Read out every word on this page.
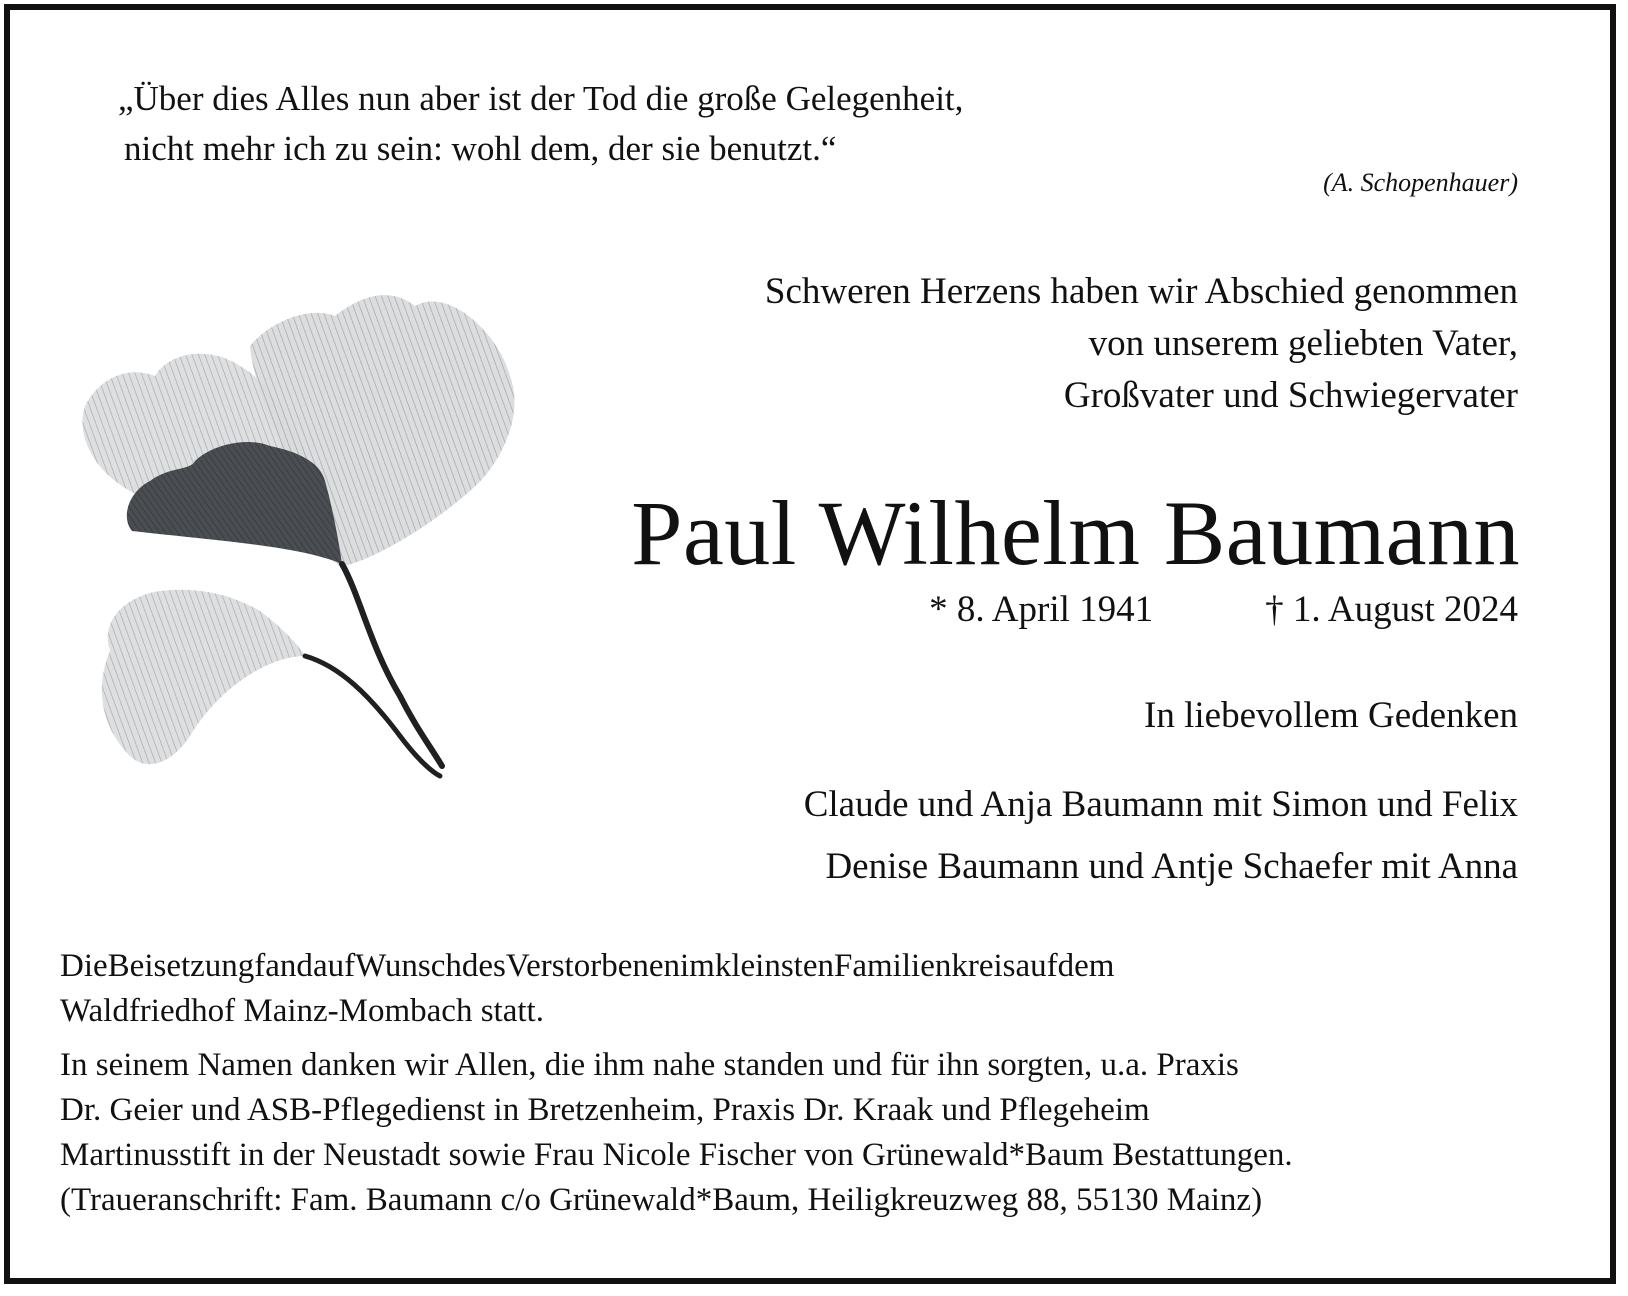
„Über dies Alles nun aber ist der Tod die große Gelegenheit,
nicht mehr ich zu sein: wohl dem, der sie benutzt.“
(A. Schopenhauer)
Schweren Herzens haben wir Abschied genommen
von unserem geliebten Vater,
Großvater und Schwiegervater
Paul Wilhelm Baumann
* 8. April 1941	† 1. August 2024
In liebevollem Gedenken
Claude und Anja Baumann mit Simon und Felix
Denise Baumann und Antje Schaefer mit Anna
DieBeisetzungfandaufWunschdesVerstorbenenimkleinstenFamilienkreisaufdem
Waldfriedhof Mainz-Mombach statt.
In seinem Namen danken wir Allen, die ihm nahe standen und für ihn sorgten, u.a. Praxis
Dr. Geier und ASB-Pflegedienst in Bretzenheim, Praxis Dr. Kraak und Pflegeheim
Martinusstift in der Neustadt sowie Frau Nicole Fischer von Grünewald*Baum Bestattungen.
(Traueranschrift: Fam. Baumann c/o Grünewald*Baum, Heiligkreuzweg 88, 55130 Mainz)
